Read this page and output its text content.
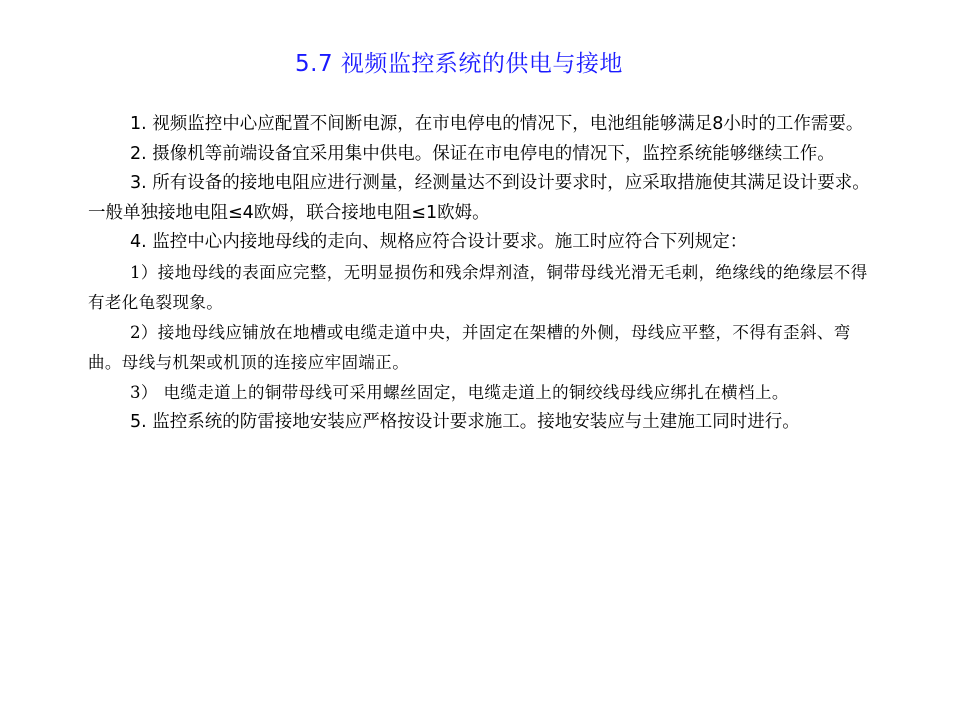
5.7 视频监控系统的供电与接地

1. 视频监控中心应配置不间断电源，在市电停电的情况下，电池组能够满足8小时的工作需要。

2. 摄像机等前端设备宜采用集中供电。保证在市电停电的情况下，监控系统能够继续工作。

3. 所有设备的接地电阻应进行测量，经测量达不到设计要求时，应采取措施使其满足设计要求。一般单独接地电阻≤4欧姆，联合接地电阻≤1欧姆。

4. 监控中心内接地母线的走向、规格应符合设计要求。施工时应符合下列规定：

1）接地母线的表面应完整，无明显损伤和残余焊剂渣，铜带母线光滑无毛刺，绝缘线的绝缘层不得有老化龟裂现象。

2）接地母线应铺放在地槽或电缆走道中央，并固定在架槽的外侧，母线应平整，不得有歪斜、弯曲。母线与机架或机顶的连接应牢固端正。

3） 电缆走道上的铜带母线可采用螺丝固定，电缆走道上的铜绞线母线应绑扎在横档上。

5. 监控系统的防雷接地安装应严格按设计要求施工。接地安装应与土建施工同时进行。
